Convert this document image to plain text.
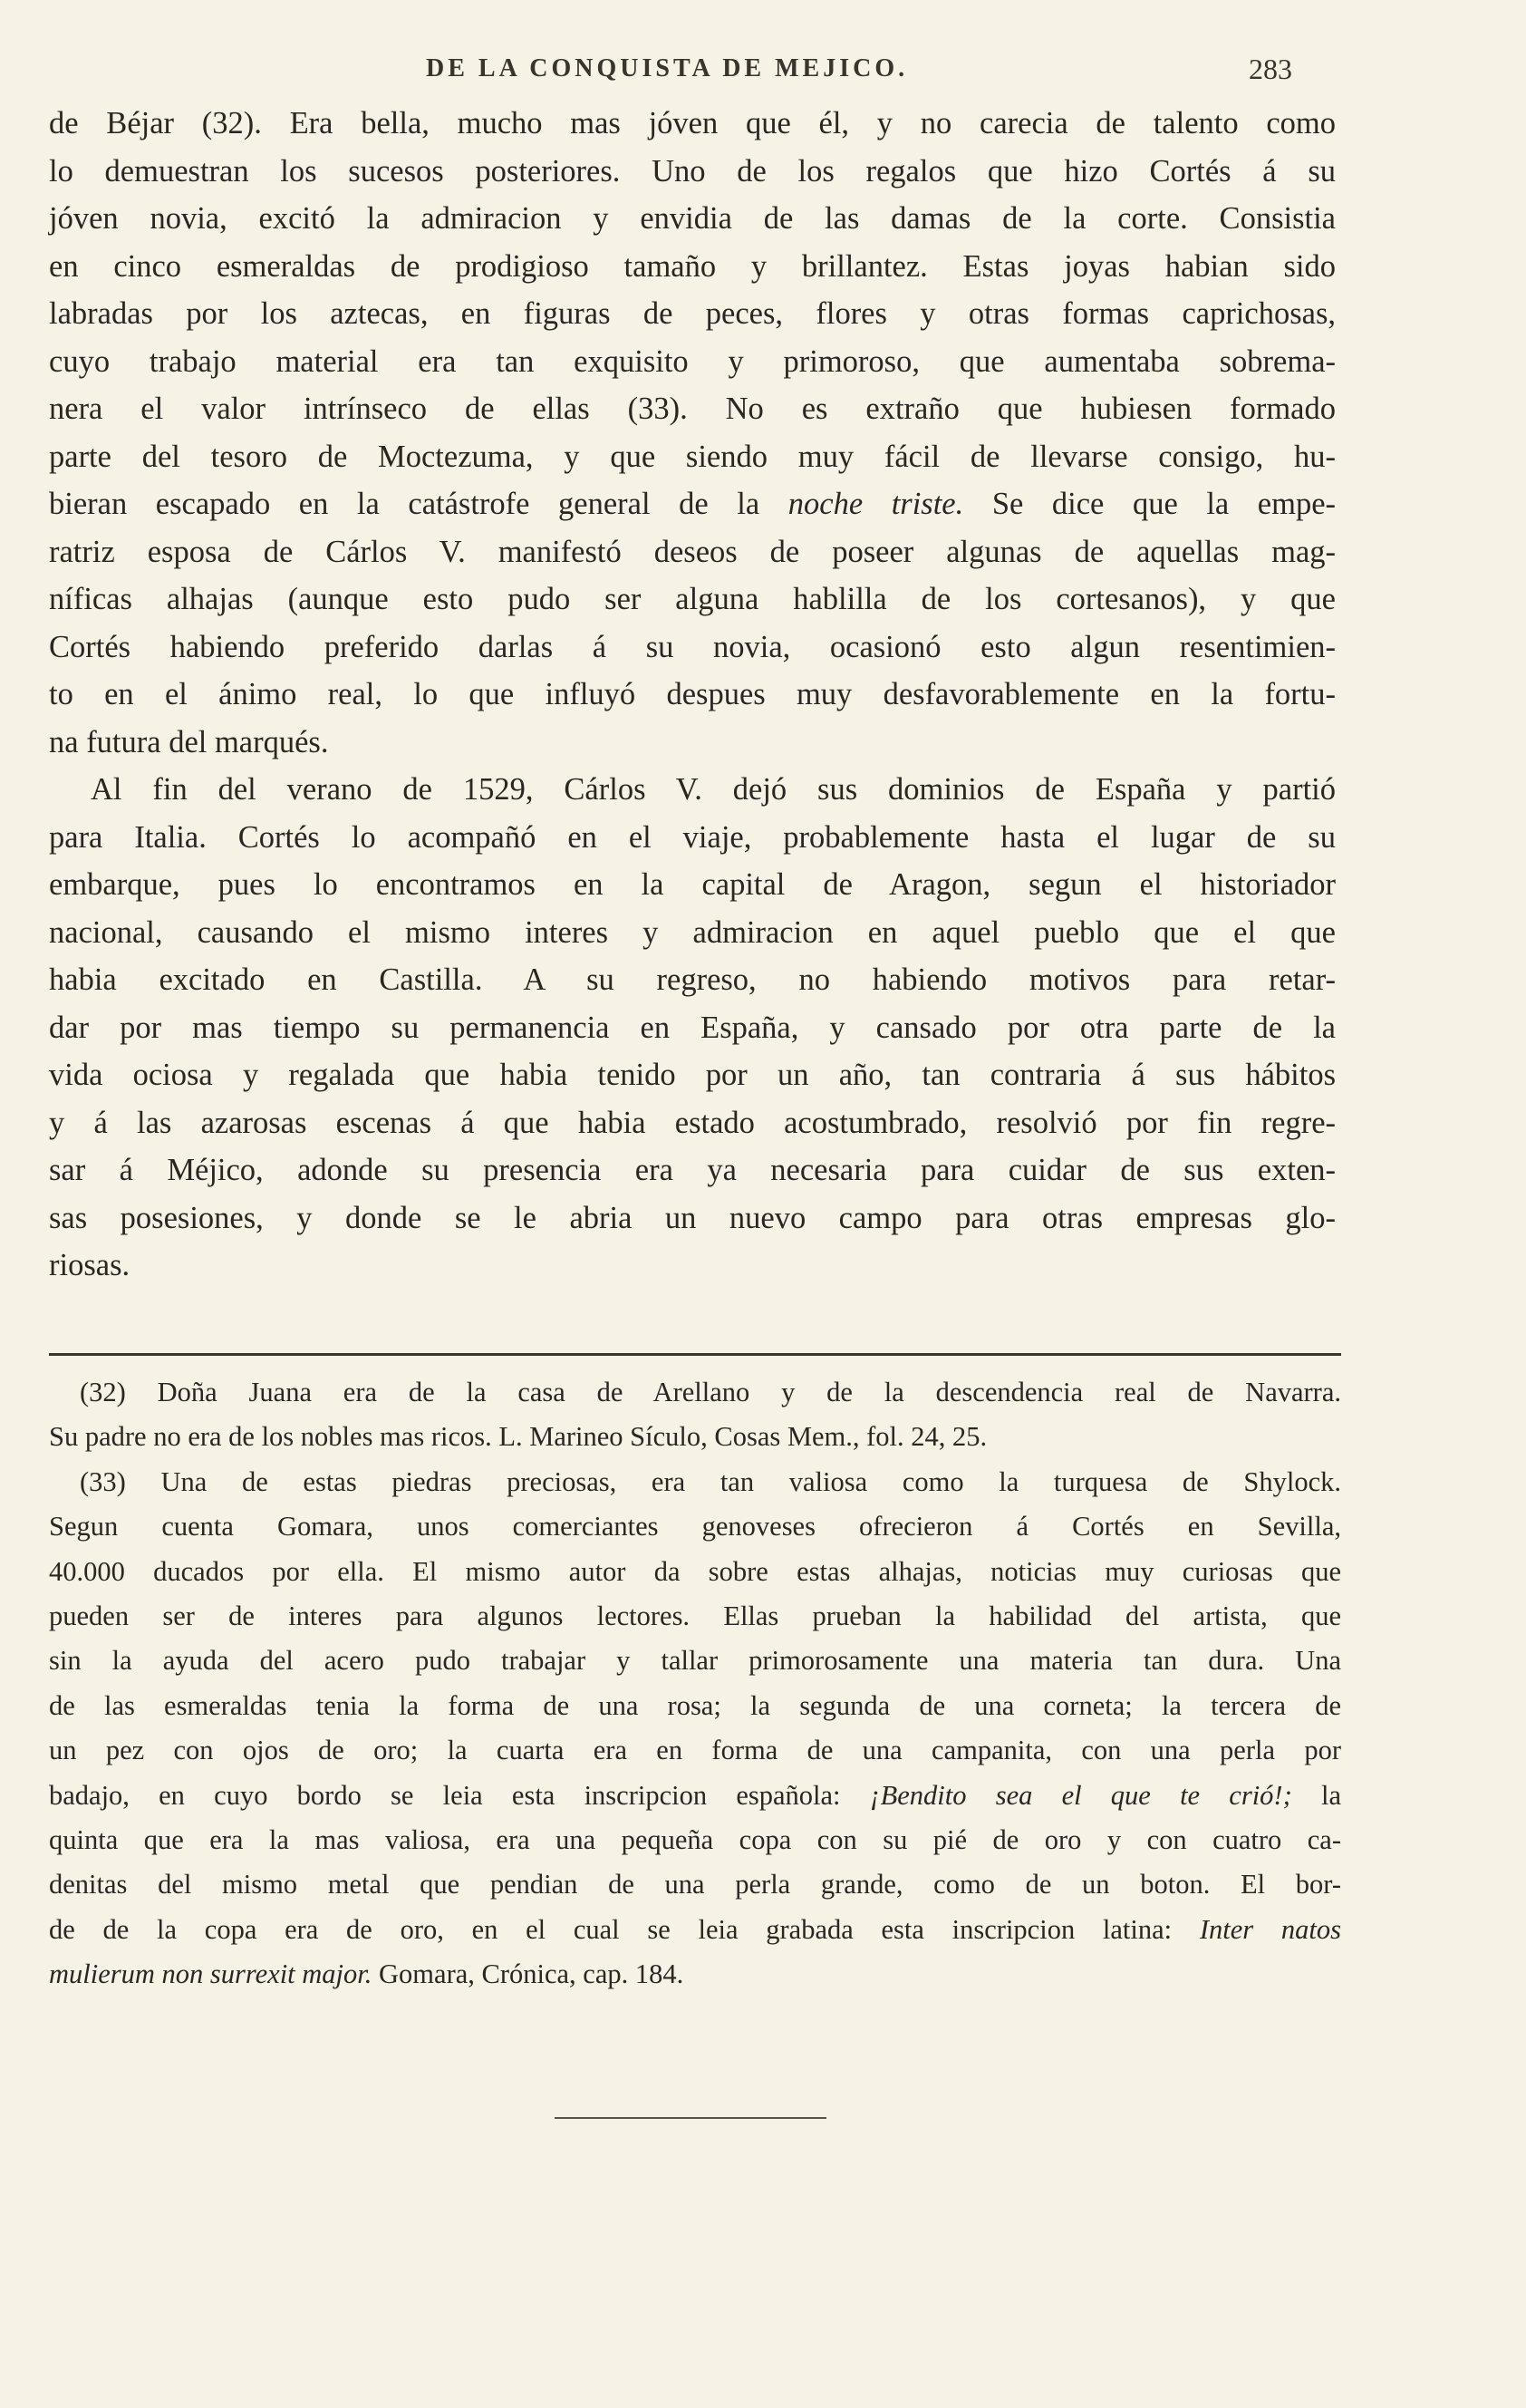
DE LA CONQUISTA DE MEJICO.	283
de Béjar (32). Era bella, mucho mas jóven que él, y no carecia de talento como
lo demuestran los sucesos posteriores. Uno de los regalos que hizo Cortés á su
jóven novia, excitó la admiracion y envidia de las damas de la corte. Consistia
en cinco esmeraldas de prodigioso tamaño y brillantez. Estas joyas habian sido
labradas por los aztecas, en figuras de peces, flores y otras formas caprichosas,
cuyo trabajo material era tan exquisito y primoroso, que aumentaba sobrema-
nera el valor intrínseco de ellas (33). No es extraño que hubiesen formado
parte del tesoro de Moctezuma, y que siendo muy fácil de llevarse consigo, hu-
bieran escapado en la catástrofe general de la noche triste. Se dice que la empe-
ratriz esposa de Cárlos V. manifestó deseos de poseer algunas de aquellas mag-
níficas alhajas (aunque esto pudo ser alguna hablilla de los cortesanos), y que
Cortés habiendo preferido darlas á su novia, ocasionó esto algun resentimien-
to en el ánimo real, lo que influyó despues muy desfavorablemente en la fortu-
na futura del marqués.
Al fin del verano de 1529, Cárlos V. dejó sus dominios de España y partió
para Italia. Cortés lo acompañó en el viaje, probablemente hasta el lugar de su
embarque, pues lo encontramos en la capital de Aragon, segun el historiador
nacional, causando el mismo interes y admiracion en aquel pueblo que el que
habia excitado en Castilla. A su regreso, no habiendo motivos para retar-
dar por mas tiempo su permanencia en España, y cansado por otra parte de la
vida ociosa y regalada que habia tenido por un año, tan contraria á sus hábitos
y á las azarosas escenas á que habia estado acostumbrado, resolvió por fin regre-
sar á Méjico, adonde su presencia era ya necesaria para cuidar de sus exten-
sas posesiones, y donde se le abria un nuevo campo para otras empresas glo-
riosas.
(32) Doña Juana era de la casa de Arellano y de la descendencia real de Navarra.
Su padre no era de los nobles mas ricos. L. Marineo Sículo, Cosas Mem., fol. 24, 25.
(33) Una de estas piedras preciosas, era tan valiosa como la turquesa de Shylock.
Segun cuenta Gomara, unos comerciantes genoveses ofrecieron á Cortés en Sevilla,
40.000 ducados por ella. El mismo autor da sobre estas alhajas, noticias muy curiosas que
pueden ser de interes para algunos lectores. Ellas prueban la habilidad del artista, que
sin la ayuda del acero pudo trabajar y tallar primorosamente una materia tan dura. Una
de las esmeraldas tenia la forma de una rosa; la segunda de una corneta; la tercera de
un pez con ojos de oro; la cuarta era en forma de una campanita, con una perla por
badajo, en cuyo bordo se leia esta inscripcion española: ¡Bendito sea el que te crió!; la
quinta que era la mas valiosa, era una pequeña copa con su pié de oro y con cuatro ca-
denitas del mismo metal que pendian de una perla grande, como de un boton. El bor-
de de la copa era de oro, en el cual se leia grabada esta inscripcion latina: Inter natos
mulierum non surrexit major. Gomara, Crónica, cap. 184.
